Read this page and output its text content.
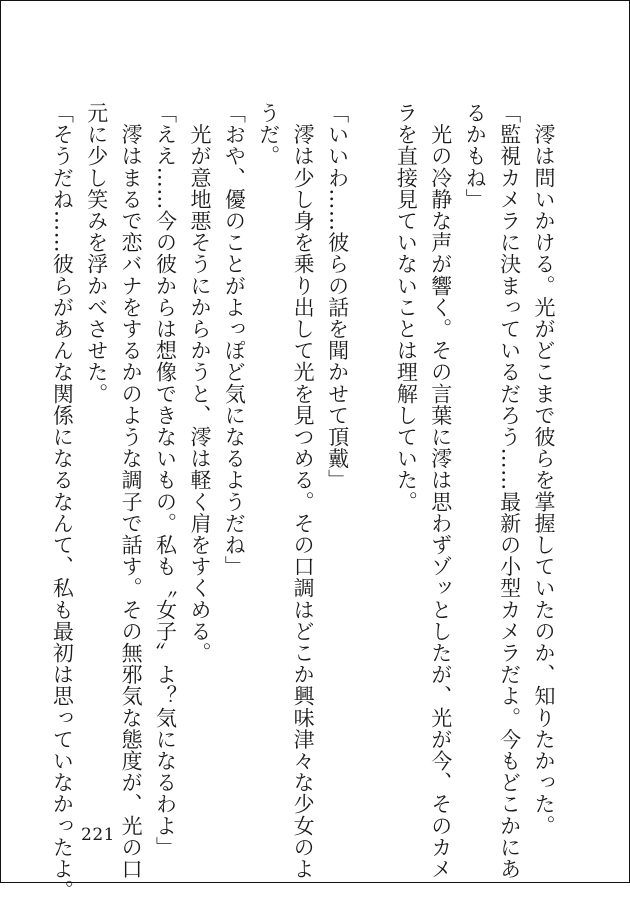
　澪は問いかける。光がどこまで彼らを掌握していたのか、知りたかった。

「監視カメラに決まっているだろう……最新の小型カメラだよ。今もどこかにあ

るかもね」

　光の冷静な声が響く。その言葉に澪は思わずゾッとしたが、光が今、そのカメ

ラを直接見ていないことは理解していた。

「いいわ……彼らの話を聞かせて頂戴」

　澪は少し身を乗り出して光を見つめる。その口調はどこか興味津々な少女のよ

うだ。

「おや、優のことがよっぽど気になるようだね」

　光が意地悪そうにからかうと、澪は軽く肩をすくめる。

「ええ……今の彼からは想像できないもの。私も〝女子〟よ？気になるわよ」

　澪はまるで恋バナをするかのような調子で話す。その無邪気な態度が、光の口

元に少し笑みを浮かべさせた。

「そうだね……彼らがあんな関係になるなんて、私も最初は思っていなかったよ。 221
